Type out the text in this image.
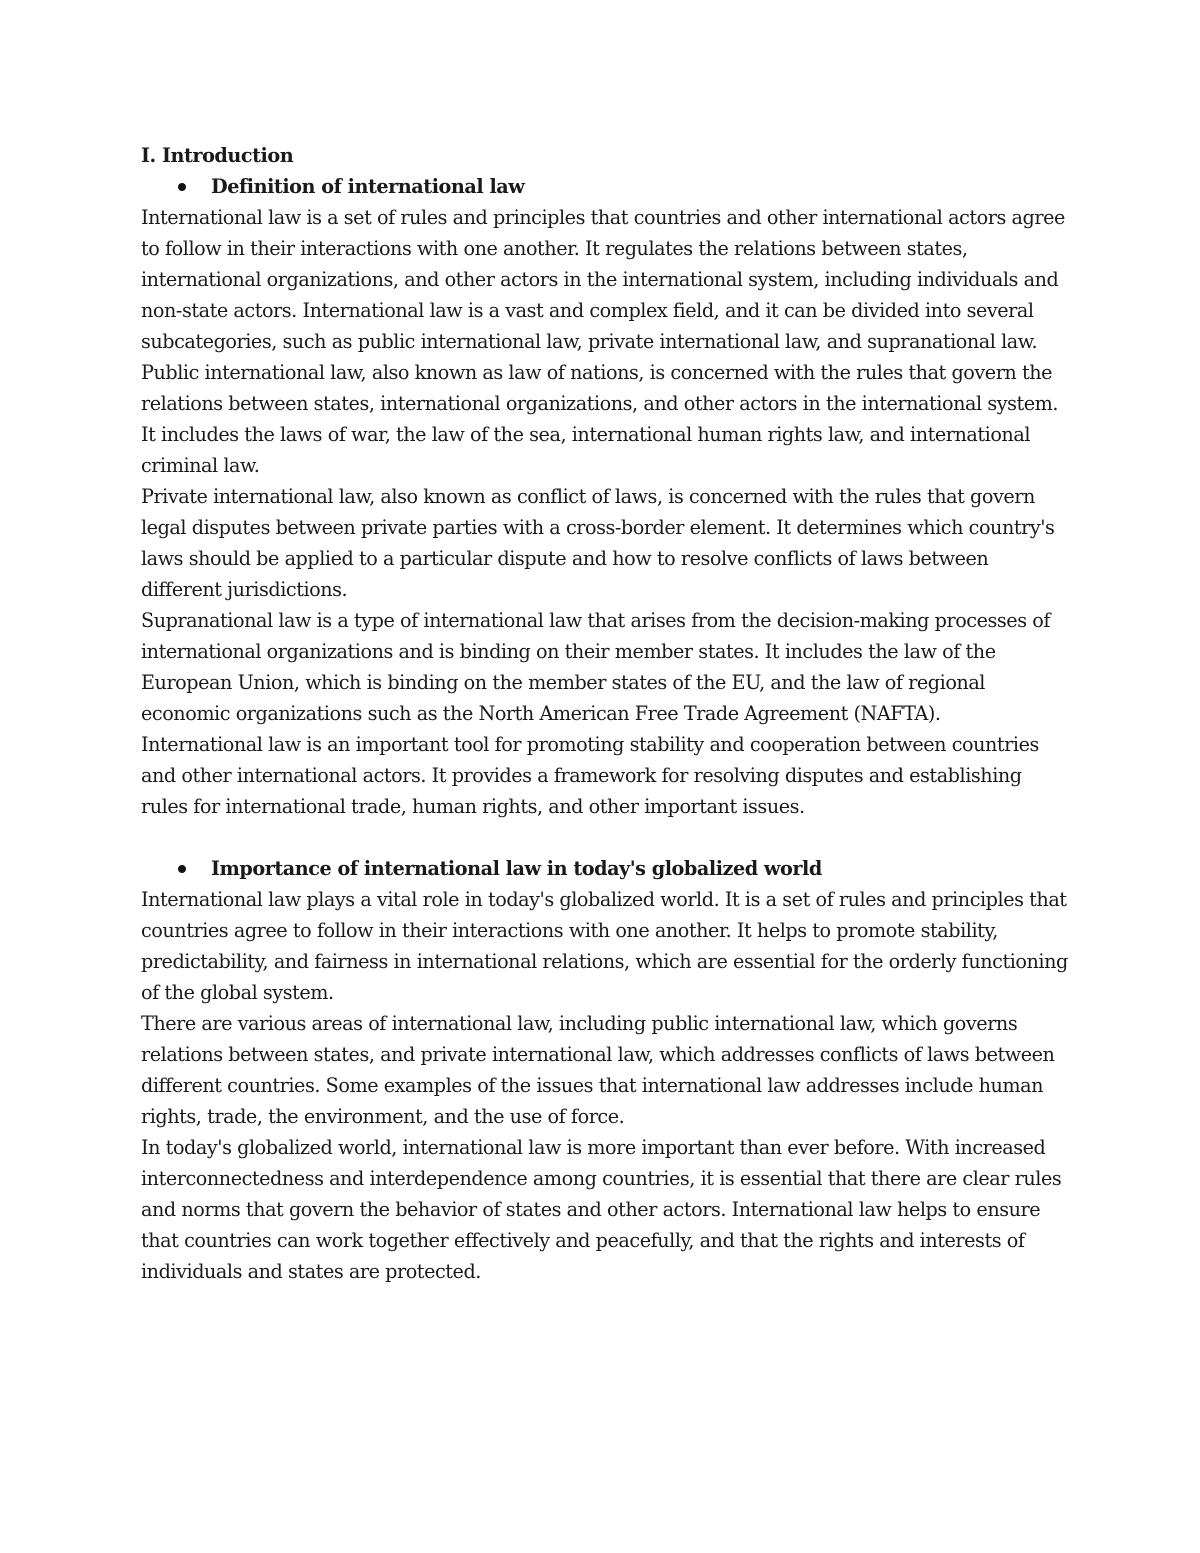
I. Introduction

Definition of international law

International law is a set of rules and principles that countries and other international actors agree to follow in their interactions with one another. It regulates the relations between states, international organizations, and other actors in the international system, including individuals and non-state actors. International law is a vast and complex field, and it can be divided into several subcategories, such as public international law, private international law, and supranational law.

Public international law, also known as law of nations, is concerned with the rules that govern the relations between states, international organizations, and other actors in the international system. It includes the laws of war, the law of the sea, international human rights law, and international criminal law.

Private international law, also known as conflict of laws, is concerned with the rules that govern legal disputes between private parties with a cross-border element. It determines which country's laws should be applied to a particular dispute and how to resolve conflicts of laws between different jurisdictions.

Supranational law is a type of international law that arises from the decision-making processes of international organizations and is binding on their member states. It includes the law of the European Union, which is binding on the member states of the EU, and the law of regional economic organizations such as the North American Free Trade Agreement (NAFTA).

International law is an important tool for promoting stability and cooperation between countries and other international actors. It provides a framework for resolving disputes and establishing rules for international trade, human rights, and other important issues.

Importance of international law in today's globalized world

International law plays a vital role in today's globalized world. It is a set of rules and principles that countries agree to follow in their interactions with one another. It helps to promote stability, predictability, and fairness in international relations, which are essential for the orderly functioning of the global system.

There are various areas of international law, including public international law, which governs relations between states, and private international law, which addresses conflicts of laws between different countries. Some examples of the issues that international law addresses include human rights, trade, the environment, and the use of force.

In today's globalized world, international law is more important than ever before. With increased interconnectedness and interdependence among countries, it is essential that there are clear rules and norms that govern the behavior of states and other actors. International law helps to ensure that countries can work together effectively and peacefully, and that the rights and interests of individuals and states are protected.
